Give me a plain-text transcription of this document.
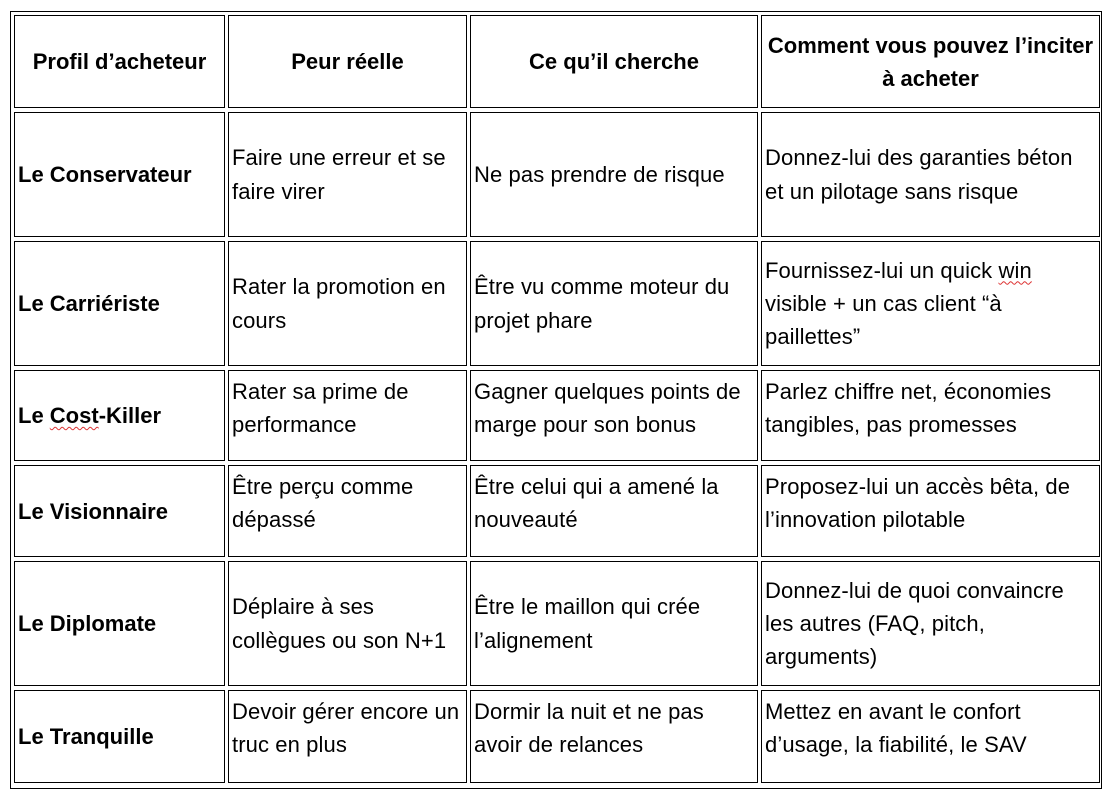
Profil d’acheteur	Peur réelle	Ce qu’il cherche
Comment vous pouvez l’inciter à acheter
Le Conservateur
Faire une erreur et se faire virer
Ne pas prendre de risque
Donnez-lui des garanties béton et un pilotage sans risque
Le Carriériste
Rater la promotion en cours
Être vu comme moteur du projet phare
Fournissez-lui un quick win visible + un cas client “à paillettes”
Le Cost-Killer
Rater sa prime de performance
Gagner quelques points de marge pour son bonus
Parlez chiffre net, économies tangibles, pas promesses
Le Visionnaire
Être perçu comme dépassé
Être celui qui a amené la nouveauté
Proposez-lui un accès bêta, de l’innovation pilotable
Le Diplomate
Déplaire à ses collègues ou son N+1
Être le maillon qui crée l’alignement
Donnez-lui de quoi convaincre les autres (FAQ, pitch, arguments)
Le Tranquille
Devoir gérer encore un truc en plus
Dormir la nuit et ne pas avoir de relances
Mettez en avant le confort d’usage, la fiabilité, le SAV
